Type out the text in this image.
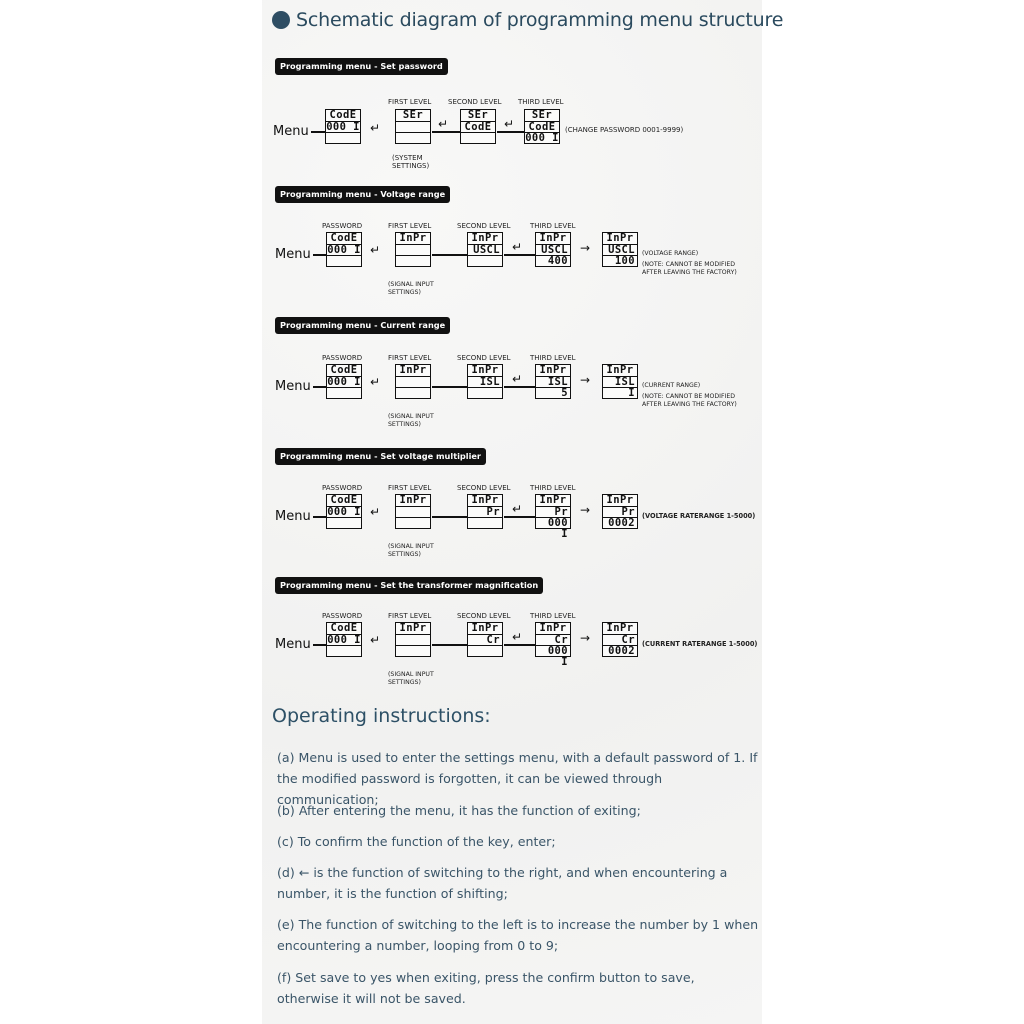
Schematic diagram of programming menu structure
Programming menu - Set password
FIRST LEVEL SECOND LEVEL THIRD LEVEL
Menu
CodE
000 I ↵
SEr
↵
SEr
CodE ↵
SEr
CodE
000 I
(SYSTEM
SETTINGS)
(CHANGE PASSWORD 0001-9999)
Programming menu - Voltage range
PASSWORD	FIRST LEVEL	SECOND LEVEL	THIRD LEVEL
Menu
CodE
000 I ↵
InPr	InPr
USCL ↵
InPr
USCL
400
→
InPr
USCL
100
(SIGNAL INPUT
SETTINGS)
(VOLTAGE RANGE)
(NOTE: CANNOT BE MODIFIED
AFTER LEAVING THE FACTORY)
Programming menu - Current range
PASSWORD	FIRST LEVEL	SECOND LEVEL	THIRD LEVEL
Menu
CodE
000 I ↵
InPr	InPr
ISL ↵
InPr
ISL
5
→
InPr
ISL
I
(SIGNAL INPUT
SETTINGS)
(CURRENT RANGE)
(NOTE: CANNOT BE MODIFIED
AFTER LEAVING THE FACTORY)
Programming menu - Set voltage multiplier
PASSWORD	FIRST LEVEL	SECOND LEVEL	THIRD LEVEL
Menu
CodE
000 I ↵
InPr	InPr
Pr ↵
InPr
Pr
000 I
→
InPr
Pr
0002
(SIGNAL INPUT
SETTINGS)
(VOLTAGE RATERANGE 1-5000)
Programming menu - Set the transformer magnification
PASSWORD	FIRST LEVEL	SECOND LEVEL	THIRD LEVEL
Menu
CodE
000 I ↵
InPr	InPr
Cr ↵
InPr
Cr
000 I
→
InPr
Cr
0002
(SIGNAL INPUT
SETTINGS)
(CURRENT RATERANGE 1-5000)
Operating instructions:
(a) Menu is used to enter the settings menu, with a default password of 1. If the modified password is forgotten, it can be viewed through communication;
(b) After entering the menu, it has the function of exiting;
(c) To confirm the function of the key, enter;
(d) ← is the function of switching to the right, and when encountering a number, it is the function of shifting;
(e) The function of switching to the left is to increase the number by 1 when encountering a number, looping from 0 to 9;
(f) Set save to yes when exiting, press the confirm button to save, otherwise it will not be saved.
